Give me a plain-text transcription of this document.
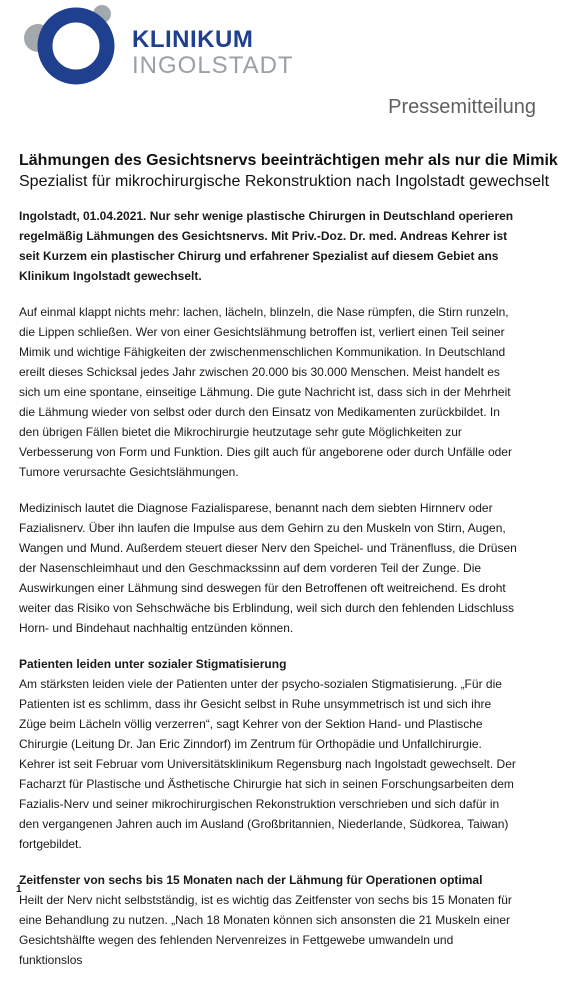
KLINIKUM
INGOLSTADT
Pressemitteilung
Lähmungen des Gesichtsnervs beeinträchtigen mehr als nur die Mimik
Spezialist für mikrochirurgische Rekonstruktion nach Ingolstadt gewechselt

Ingolstadt, 01.04.2021. Nur sehr wenige plastische Chirurgen in Deutschland operieren regelmäßig Lähmungen des Gesichtsnervs. Mit Priv.-Doz. Dr. med. Andreas Kehrer ist seit Kurzem ein plastischer Chirurg und erfahrener Spezialist auf diesem Gebiet ans Klinikum Ingolstadt gewechselt.

Auf einmal klappt nichts mehr: lachen, lächeln, blinzeln, die Nase rümpfen, die Stirn runzeln, die Lippen schließen. Wer von einer Gesichtslähmung betroffen ist, verliert einen Teil seiner Mimik und wichtige Fähigkeiten der zwischenmenschlichen Kommunikation. In Deutschland ereilt dieses Schicksal jedes Jahr zwischen 20.000 bis 30.000 Menschen. Meist handelt es sich um eine spontane, einseitige Lähmung. Die gute Nachricht ist, dass sich in der Mehrheit die Lähmung wieder von selbst oder durch den Einsatz von Medikamenten zurückbildet. In den übrigen Fällen bietet die Mikrochirurgie heutzutage sehr gute Möglichkeiten zur Verbesserung von Form und Funktion. Dies gilt auch für angeborene oder durch Unfälle oder Tumore verursachte Gesichtslähmungen.

Medizinisch lautet die Diagnose Fazialisparese, benannt nach dem siebten Hirnnerv oder Fazialisnerv. Über ihn laufen die Impulse aus dem Gehirn zu den Muskeln von Stirn, Augen, Wangen und Mund. Außerdem steuert dieser Nerv den Speichel- und Tränenfluss, die Drüsen der Nasenschleimhaut und den Geschmackssinn auf dem vorderen Teil der Zunge. Die Auswirkungen einer Lähmung sind deswegen für den Betroffenen oft weitreichend. Es droht weiter das Risiko von Sehschwäche bis Erblindung, weil sich durch den fehlenden Lidschluss Horn- und Bindehaut nachhaltig entzünden können.

Patienten leiden unter sozialer Stigmatisierung

Am stärksten leiden viele der Patienten unter der psycho-sozialen Stigmatisierung. „Für die Patienten ist es schlimm, dass ihr Gesicht selbst in Ruhe unsymmetrisch ist und sich ihre Züge beim Lächeln völlig verzerren“, sagt Kehrer von der Sektion Hand- und Plastische Chirurgie (Leitung Dr. Jan Eric Zinndorf) im Zentrum für Orthopädie und Unfallchirurgie. Kehrer ist seit Februar vom Universitätsklinikum Regensburg nach Ingolstadt gewechselt. Der Facharzt für Plastische und Ästhetische Chirurgie hat sich in seinen Forschungsarbeiten dem Fazialis-Nerv und seiner mikrochirurgischen Rekonstruktion verschrieben und sich dafür in den vergangenen Jahren auch im Ausland (Großbritannien, Niederlande, Südkorea, Taiwan) fortgebildet.

Zeitfenster von sechs bis 15 Monaten nach der Lähmung für Operationen optimal

Heilt der Nerv nicht selbstständig, ist es wichtig das Zeitfenster von sechs bis 15 Monaten für eine Behandlung zu nutzen. „Nach 18 Monaten können sich ansonsten die 21 Muskeln einer Gesichtshälfte wegen des fehlenden Nervenreizes in Fettgewebe umwandeln und funktionslos

1
